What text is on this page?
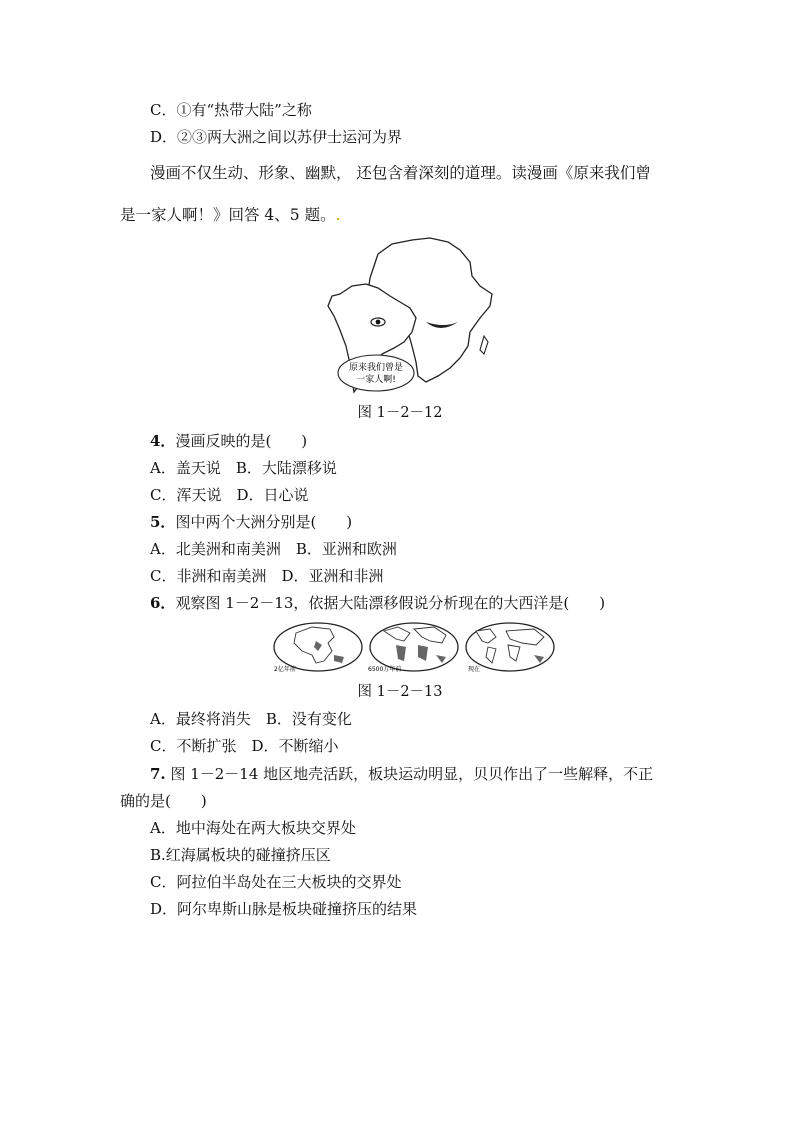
C．①有“热带大陆”之称
D．②③两大洲之间以苏伊士运河为界
漫画不仅生动、形象、幽默， 还包含着深刻的道理。读漫画《原来我们曾
是一家人啊！》回答 4、5 题。.
原来我们曾是
一家人啊!
图 1－2－12
4．漫画反映的是(　　)
A．盖天说　B．大陆漂移说
C．浑天说　D．日心说
5．图中两个大洲分别是(　　)
A．北美洲和南美洲　B．亚洲和欧洲
C．非洲和南美洲　D．亚洲和非洲
6．观察图 1－2－13，依据大陆漂移假说分析现在的大西洋是(　　)
2亿年前	6500万年前	现在
图 1－2－13
A．最终将消失　B．没有变化
C．不断扩张　D．不断缩小
7. 图 1－2－14 地区地壳活跃，板块运动明显，贝贝作出了一些解释，不正
确的是(　　)
A．地中海处在两大板块交界处
B.红海属板块的碰撞挤压区
C．阿拉伯半岛处在三大板块的交界处
D．阿尔卑斯山脉是板块碰撞挤压的结果
